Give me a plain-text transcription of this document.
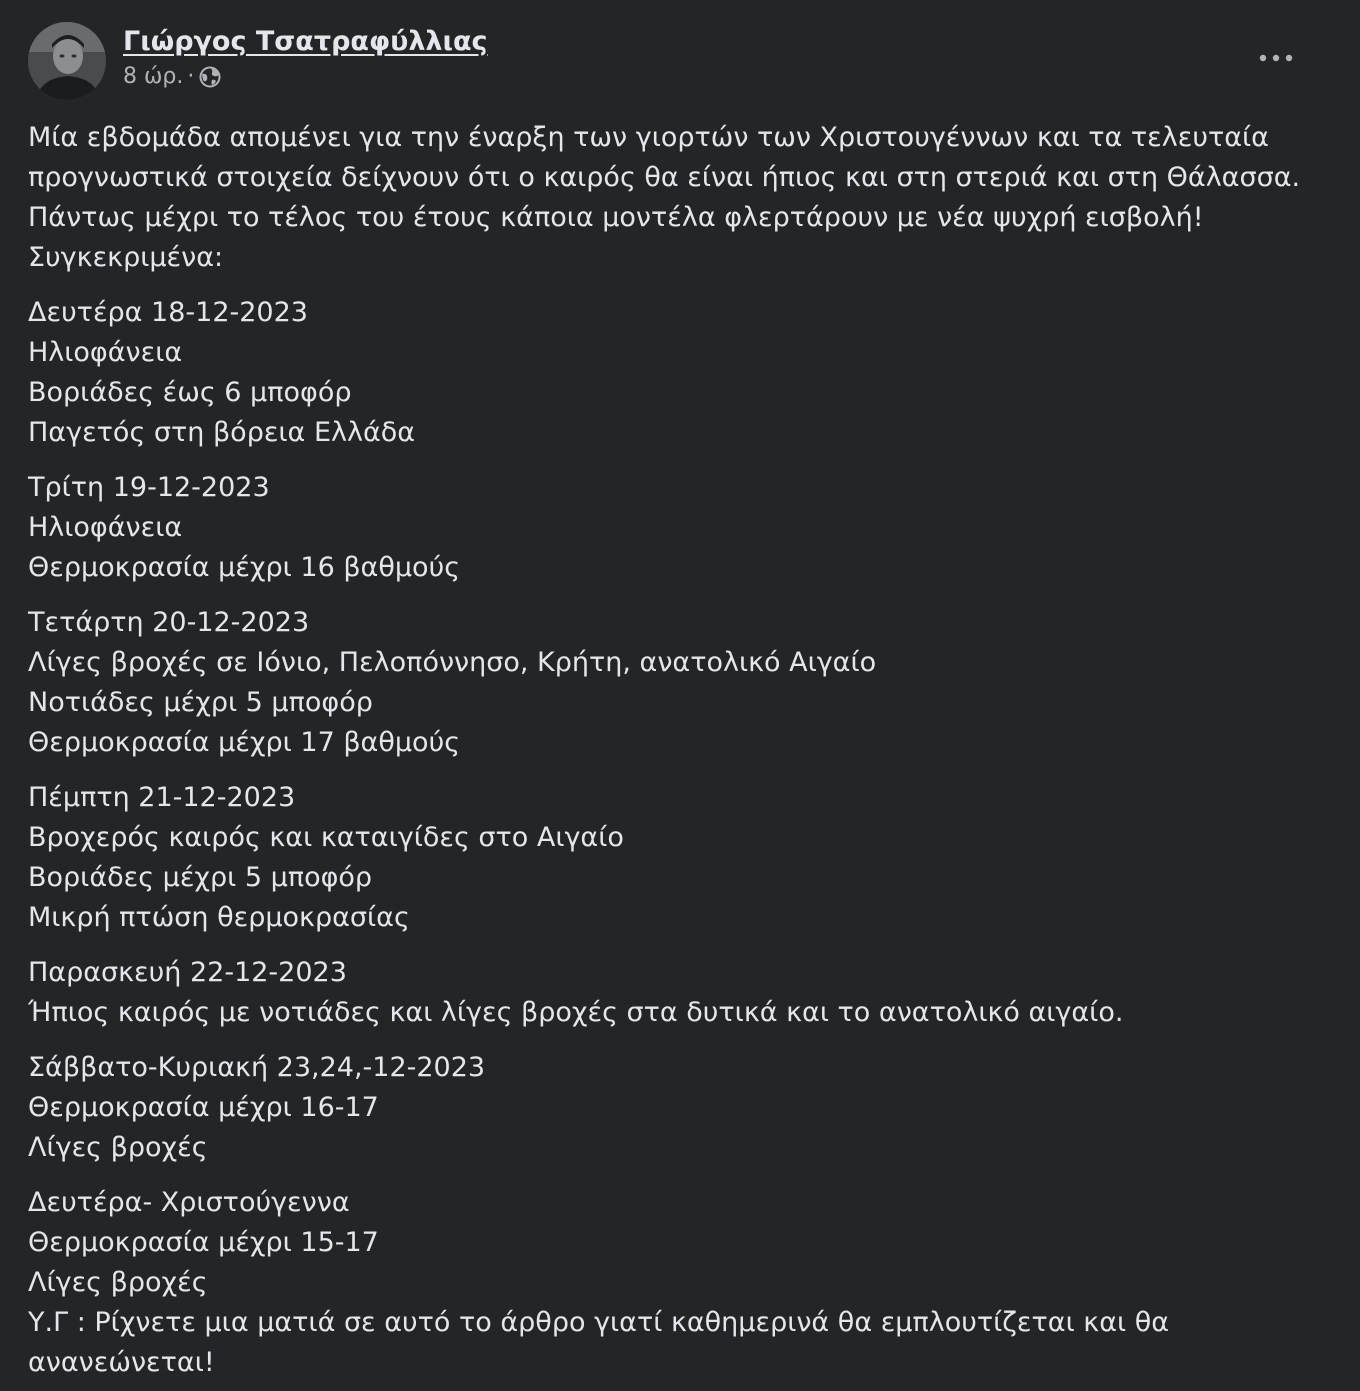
Γιώργος Τσατραφύλλιας
8 ώρ. ·
Μία εβδομάδα απομένει για την έναρξη των γιορτών των Χριστουγέννων και τα τελευταία
προγνωστικά στοιχεία δείχνουν ότι ο καιρός θα είναι ήπιος και στη στεριά και στη Θάλασσα.
Πάντως μέχρι το τέλος του έτους κάποια μοντέλα φλερτάρουν με νέα ψυχρή εισβολή!
Συγκεκριμένα:
Δευτέρα 18-12-2023
Ηλιοφάνεια
Βοριάδες έως 6 μποφόρ
Παγετός στη βόρεια Ελλάδα
Τρίτη 19-12-2023
Ηλιοφάνεια
Θερμοκρασία μέχρι 16 βαθμούς
Τετάρτη 20-12-2023
Λίγες βροχές σε Ιόνιο, Πελοπόννησο, Κρήτη, ανατολικό Αιγαίο
Νοτιάδες μέχρι 5 μποφόρ
Θερμοκρασία μέχρι 17 βαθμούς
Πέμπτη 21-12-2023
Βροχερός καιρός και καταιγίδες στο Αιγαίο
Βοριάδες μέχρι 5 μποφόρ
Μικρή πτώση θερμοκρασίας
Παρασκευή 22-12-2023
Ήπιος καιρός με νοτιάδες και λίγες βροχές στα δυτικά και το ανατολικό αιγαίο.
Σάββατο-Κυριακή 23,24,-12-2023
Θερμοκρασία μέχρι 16-17
Λίγες βροχές
Δευτέρα- Χριστούγεννα
Θερμοκρασία μέχρι 15-17
Λίγες βροχές
Υ.Γ : Ρίχνετε μια ματιά σε αυτό το άρθρο γιατί καθημερινά θα εμπλουτίζεται και θα
ανανεώνεται!
